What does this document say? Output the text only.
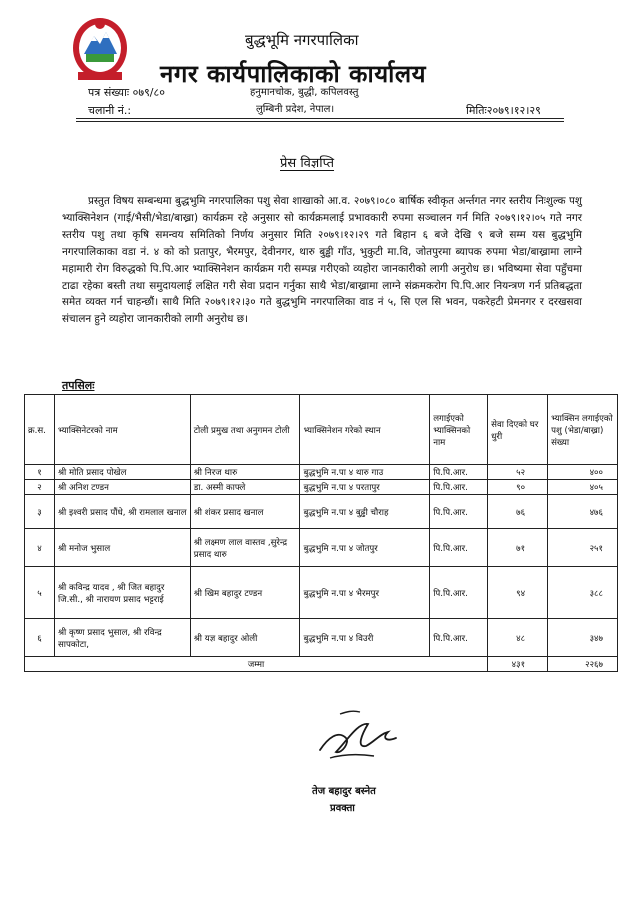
बुद्धभूमि नगरपालिका
नगर कार्यपालिकाको कार्यालय
पत्र संख्याः ०७९/८०
चलानी नं.:
हनुमानचोक, बुद्धी, कपिलवस्तु
लुम्बिनी प्रदेश, नेपाल।	मितिः२०७९।१२।२९
प्रेस विज्ञप्ति
प्रस्तुत विषय सम्बन्धमा बुद्धभुमि नगरपालिका पशु सेवा शाखाको आ.व. २०७९।०८० बार्षिक स्वीकृत अर्न्तगत नगर स्तरीय निःशुल्क पशु भ्याक्सिनेशन (गाई/भैसी/भेडा/बाख्रा) कार्यक्रम रहे अनुसार सो कार्यक्रमलाई प्रभावकारी रुपमा सञ्चालन गर्न मिति २०७९।१२।०५ गते नगर स्तरीय पशु तथा कृषि समन्वय समितिको निर्णय अनुसार मिति २०७९।१२।२९ गते बिहान ६ बजे देखि ९ बजे सम्म यस बुद्धभुमि नगरपालिकाका वडा नं. ४ को को प्रतापुर, भैरमपुर, देवीनगर, थारु बुड्ढी गाँउ, भुकुटी मा.वि, जोतपुरमा ब्यापक रुपमा भेडा/बाख्रामा लाग्ने महामारी रोग विरुद्धको पि.पि.आर भ्याक्सिनेशन कार्यक्रम गरी सम्पन्न गरीएको व्यहोरा जानकारीको लागी अनुरोध छ। भविष्यमा सेवा पहुँचमा टाढा रहेका बस्ती तथा समुदायलाई लक्षित गरी सेवा प्रदान गर्नुका साथै भेडा/बाख्रामा लाग्ने संक्रमकरोग पि.पि.आर नियन्त्रण गर्न प्रतिबद्धता समेत व्यक्त गर्न चाहन्छौं। साथै मिति २०७९।१२।३० गते बुद्धभुमि नगरपालिका वाड नं ५, सि एल सि भवन, पकरेहटी प्रेमनगर र दरखसवा संचालन हुने व्यहोरा जानकारीको लागी अनुरोध छ।
तपसिलः
क्र.स.	भ्याक्सिनेटरको नाम	टोली प्रमुख तथा अनुगमन टोली	भ्याक्सिनेशन गरेको स्थान	लगाईएको भ्याक्सिनको नाम	सेवा दिएको घर धुरी	भ्याक्सिन लगाईएको पशु (भेडा/बाख्रा) संख्या
१	श्री मोति प्रसाद पोखेल	श्री निरज थारु	बुद्धभुमि न.पा ४ थारु गाउ	पि.पि.आर.	५२	४००
२	श्री अनिश टण्डन	डा. अस्मी काफ्ले	बुद्धभुमि न.पा ४ परतापुर	पि.पि.आर.	९०	४०५
३	श्री इश्वरी प्रसाद पौंधे, श्री रामलाल खनाल	श्री शंकर प्रसाद खनाल	बुद्धभुमि न.पा ४ बुढ्ढी चौराह	पि.पि.आर.	७६	४७६
४	श्री मनोज भुसाल	श्री लक्ष्मण लाल वास्तव ,सुरेन्द्र प्रसाद थारु	बुद्धभुमि न.पा ४ जोतपुर	पि.पि.आर.	७१	२५१
५	श्री कविन्द्र यादव , श्री जित बहादुर जि.सी., श्री नारायण प्रसाद भट्टराई	श्री खिम बहादुर टण्डन	बुद्धभुमि न.पा ४ भैरमपुर	पि.पि.आर.	९४	३८८
६	श्री कृष्ण प्रसाद भुसाल, श्री रविन्द्र सापकोटा,	श्री यज्ञ बहादुर ओली	बुद्धभुमि न.पा ४ विउरी	पि.पि.आर.	४८	३४७
जम्मा					४३१	२२६७
तेज बहादुर बस्नेत
प्रवक्ता
